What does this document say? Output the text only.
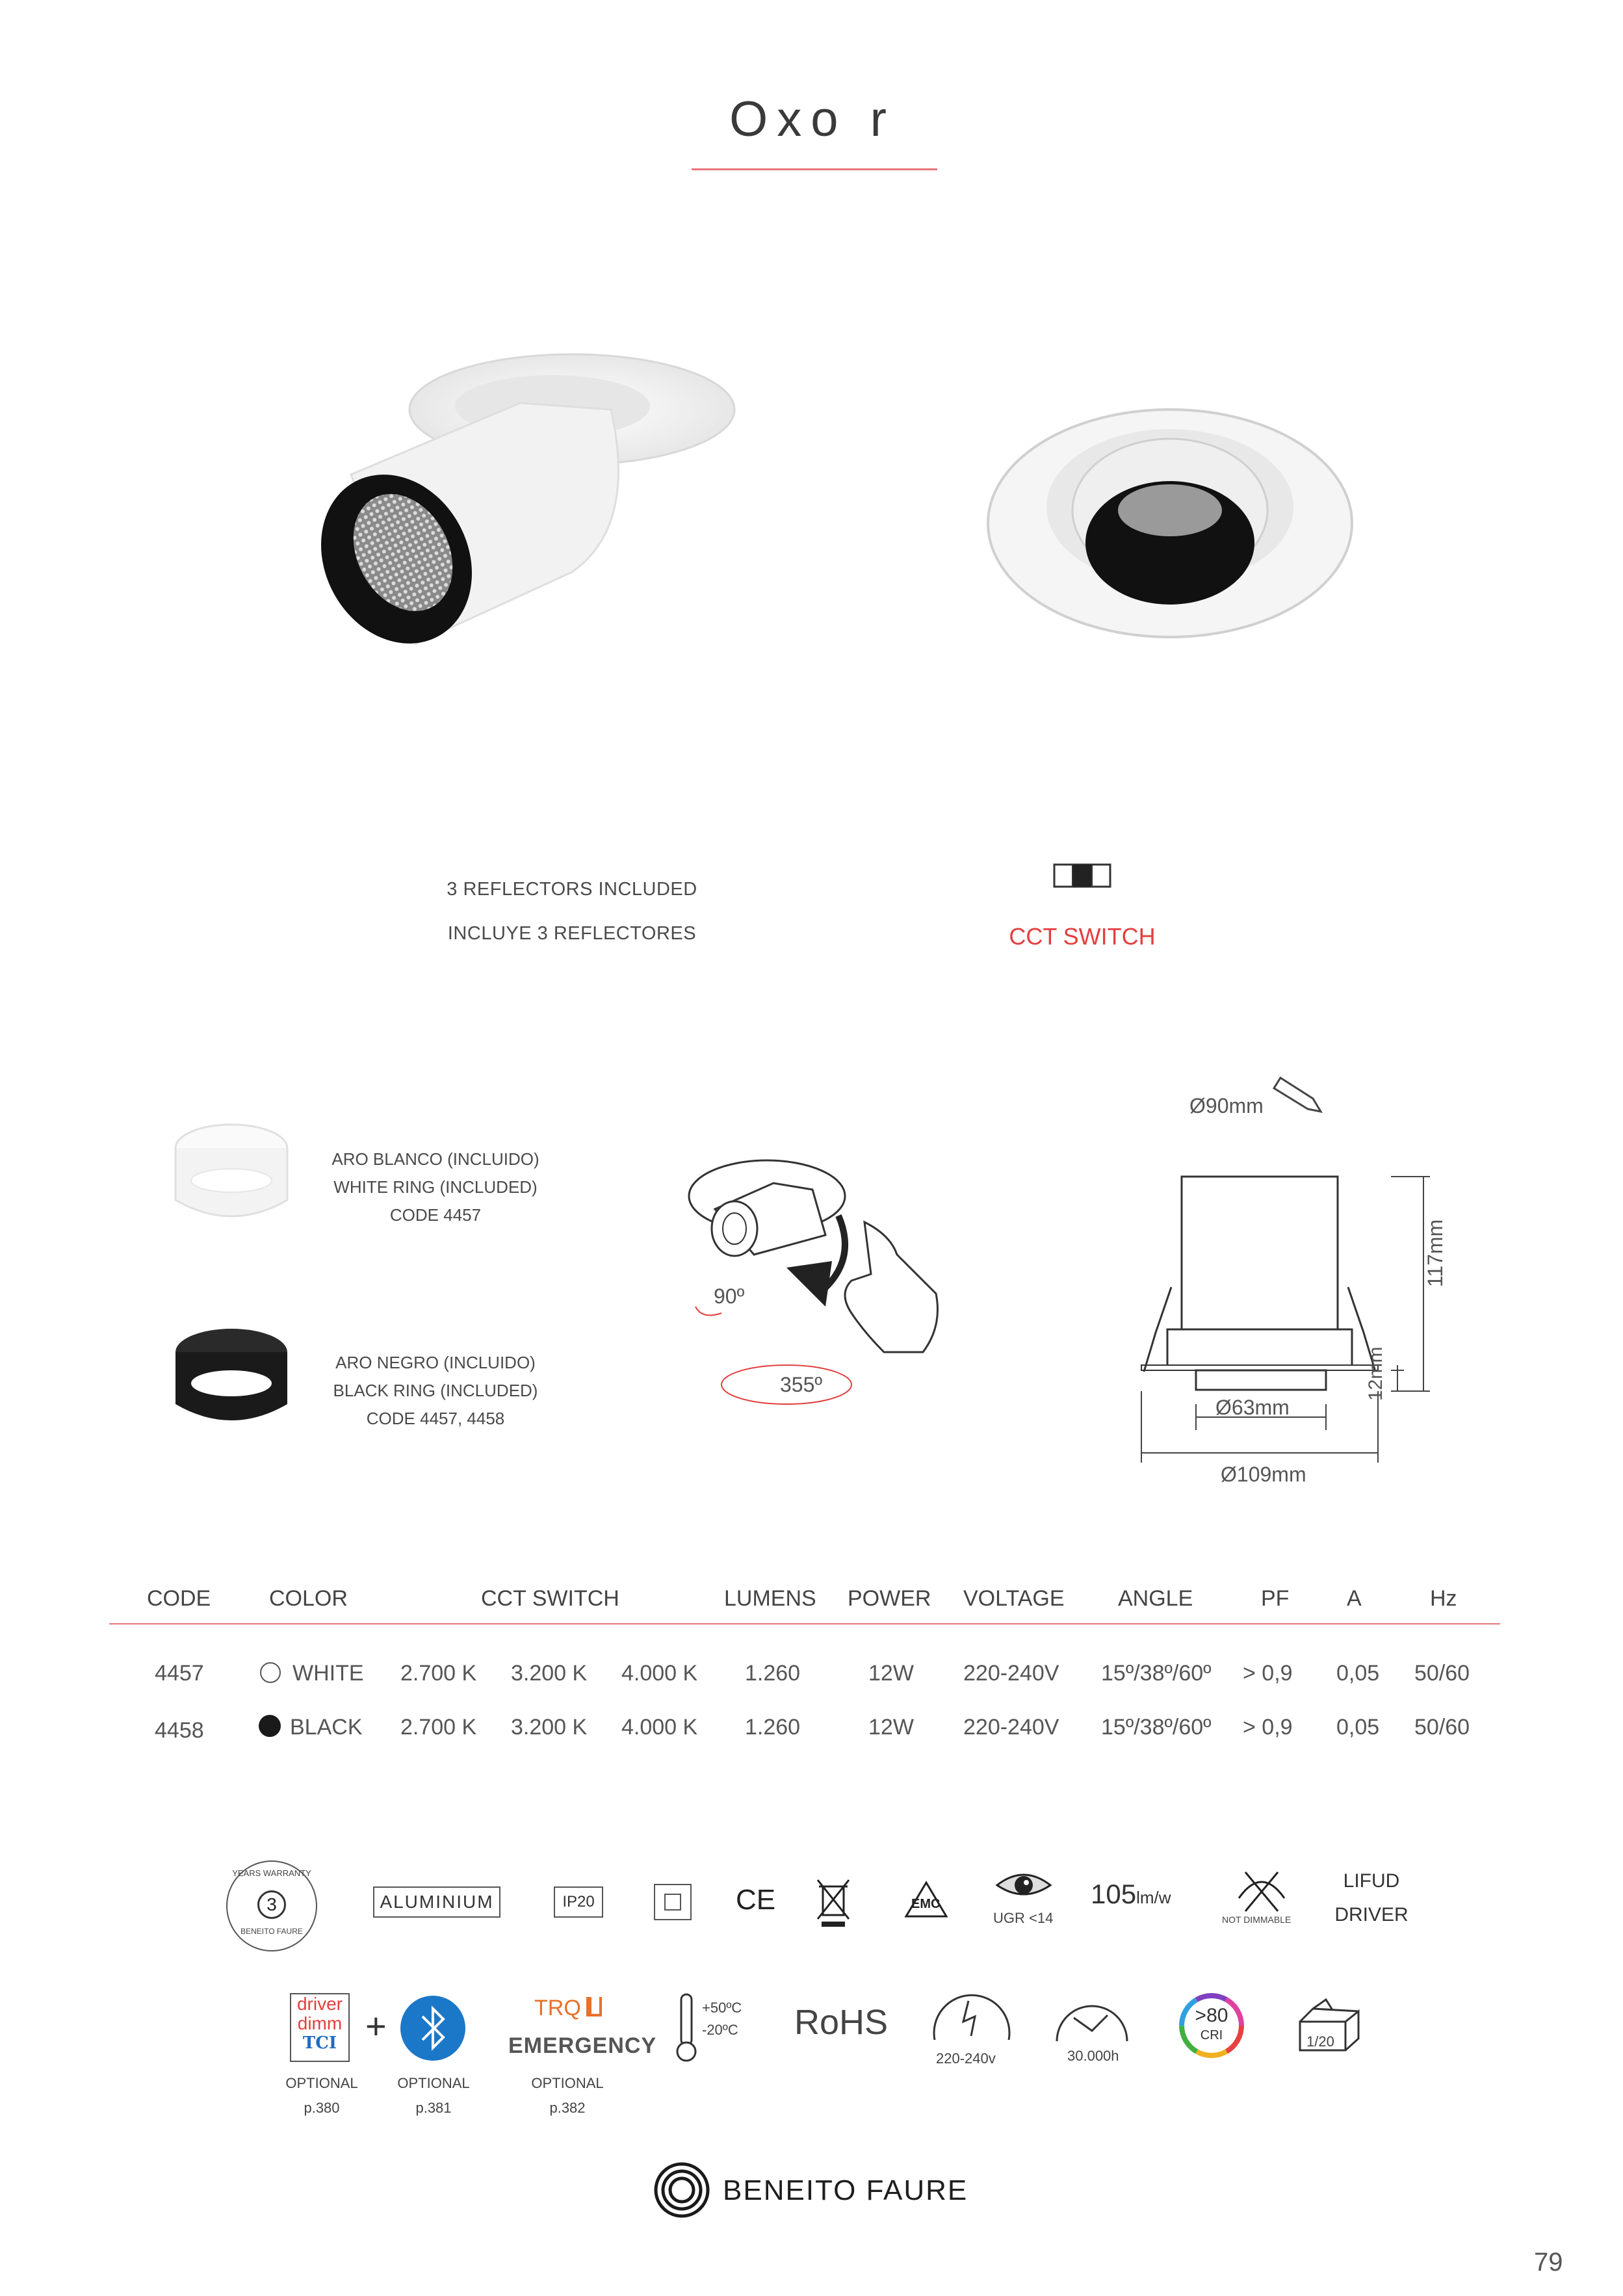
Oxo r
3 REFLECTORS INCLUDED
INCLUYE 3 REFLECTORES	CCT SWITCH
ARO BLANCO (INCLUIDO)
WHITE RING (INCLUDED)
CODE 4457
ARO NEGRO (INCLUIDO)
BLACK RING (INCLUDED)
CODE 4457, 4458
90º
355º
Ø90mm
117mm
12mm
Ø63mm
Ø109mm
CODE	COLOR	CCT SWITCH	LUMENS POWER VOLTAGE ANGLE	PF	A	Hz
4457	WHITE 2.700 K 3.200 K 4.000 K 1.260	12W 220-240V 15º/38º/60º > 0,9 0,05 50/60
4458	BLACK 2.700 K 3.200 K 4.000 K 1.260	12W 220-240V 15º/38º/60º > 0,9 0,05 50/60
YEARS WARRANTY
3
BENEITO FAURE
ALUMINIUM	IP20	CE	EMC
UGR <14
105lm/w
NOT DIMMABLE
LIFUD
DRIVER
driver
dimm
TCI +	TRQ
EMERGENCY
OPTIONAL
p.380
OPTIONAL
p.381
OPTIONAL
p.382
+50ºC
-20ºC RoHS
220-240v	30.000h
>80
CRI	1/20
BENEITO FAURE
79
